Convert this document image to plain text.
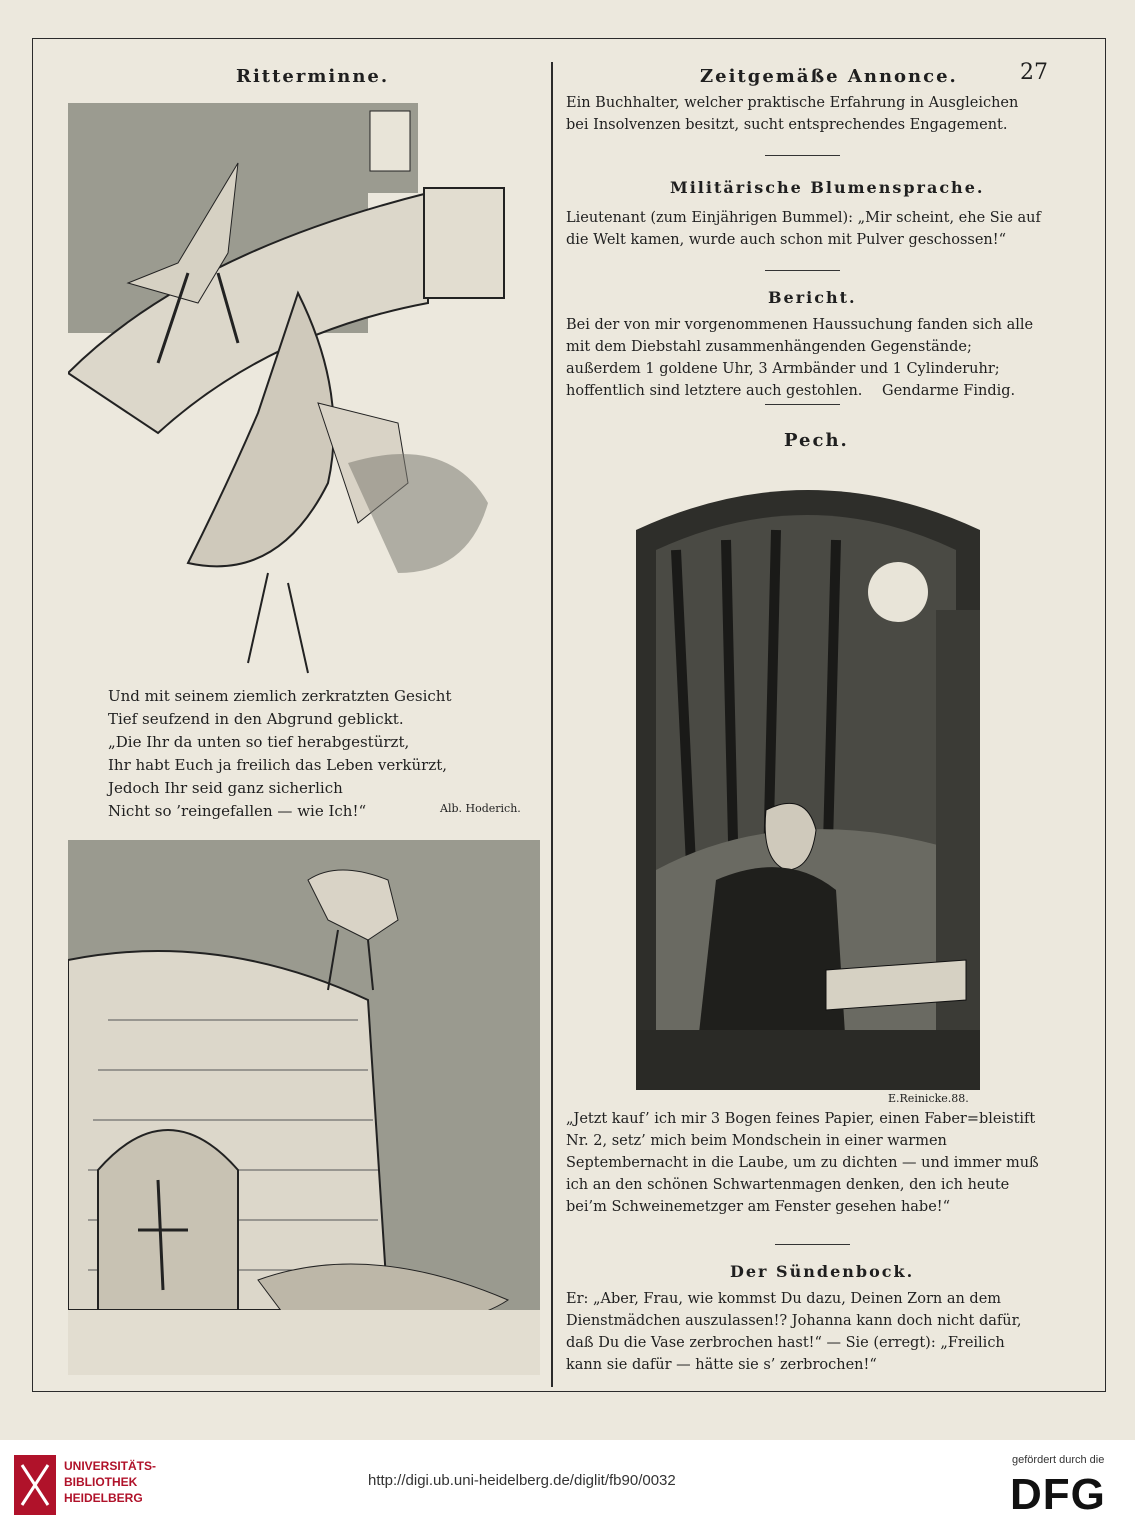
Ritterminne.
Und mit seinem ziemlich zerkratzten Gesicht
Tief seufzend in den Abgrund geblickt.
„Die Ihr da unten so tief herabgestürzt,
Ihr habt Euch ja freilich das Leben verkürzt,
Jedoch Ihr seid ganz sicherlich
Nicht so ’reingefallen — wie Ich!“	Alb. Hoderich.
27
Zeitgemäße Annonce.
Ein Buchhalter, welcher praktische Erfahrung in Ausgleichen bei Insolvenzen besitzt, sucht entsprechendes Engagement.
Militärische Blumensprache.
Lieutenant (zum Einjährigen Bummel): „Mir scheint, ehe Sie auf die Welt kamen, wurde auch schon mit Pulver geschossen!“
Bericht.
Bei der von mir vorgenommenen Haussuchung fanden sich alle mit dem Diebstahl zusammenhängenden Gegenstände; außerdem 1 goldene Uhr, 3 Armbänder und 1 Cylinderuhr; hoffentlich sind letztere auch gestohlen.	Gendarme Findig.
Pech.
E.Reinicke.88.
„Jetzt kauf’ ich mir 3 Bogen feines Papier, einen Faber=bleistift Nr. 2, setz’ mich beim Mondschein in einer warmen Septembernacht in die Laube, um zu dichten — und immer muß ich an den schönen Schwartenmagen denken, den ich heute bei’m Schweinemetzger am Fenster gesehen habe!“
Der Sündenbock.
Er: „Aber, Frau, wie kommst Du dazu, Deinen Zorn an dem Dienstmädchen auszulassen!? Johanna kann doch nicht dafür, daß Du die Vase zerbrochen hast!“ — Sie (erregt): „Freilich kann sie dafür — hätte sie s’ zerbrochen!“
UNIVERSITÄTS-
BIBLIOTHEK
HEIDELBERG
http://digi.ub.uni-heidelberg.de/diglit/fb90/0032
gefördert durch die
DFG
